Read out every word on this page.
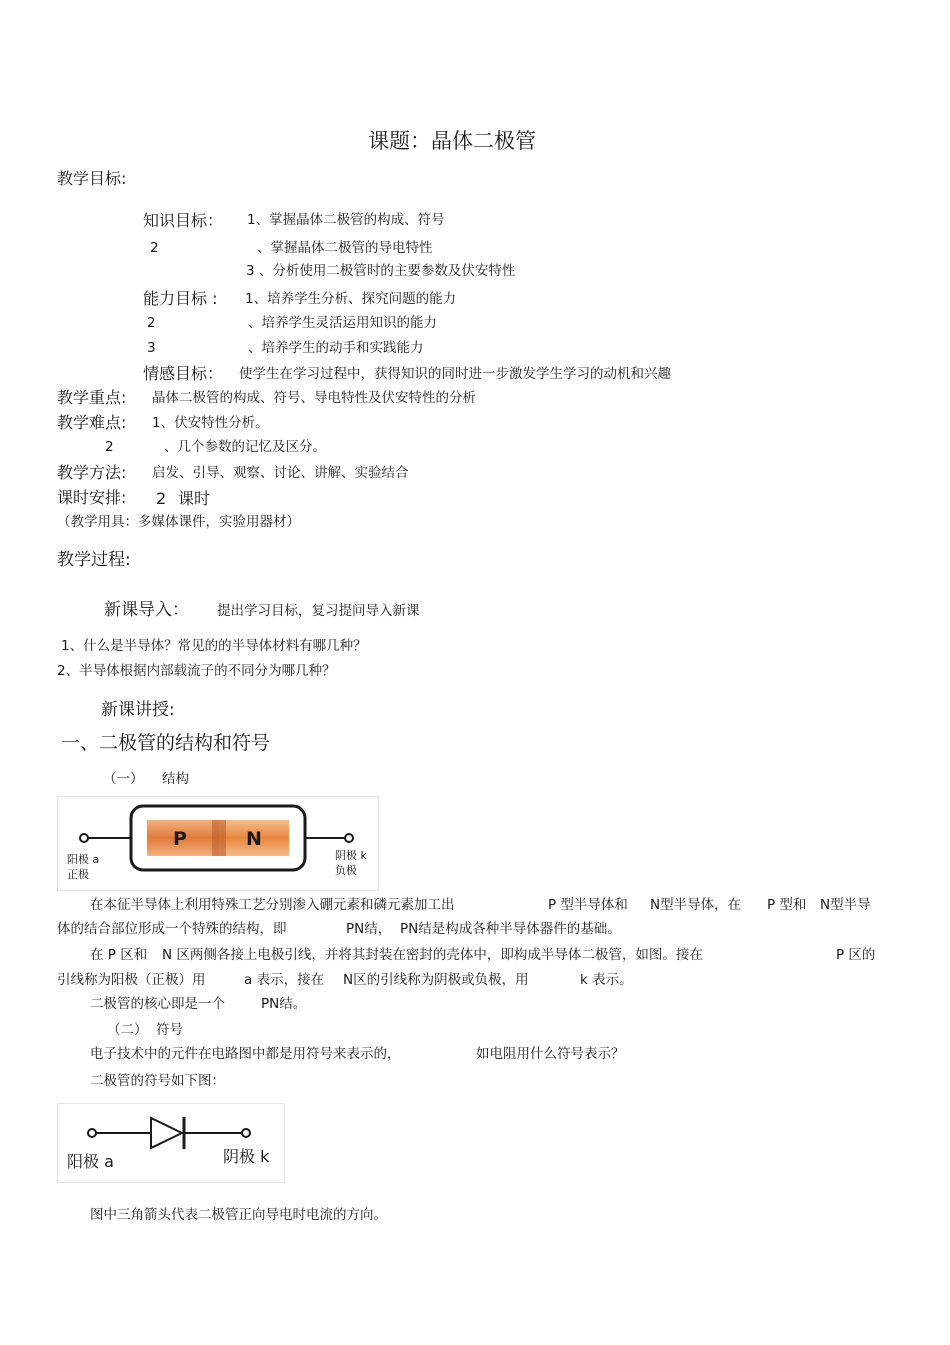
课题：晶体二极管
教学目标:
知识目标： 1、掌握晶体二极管的构成、符号
2	、掌握晶体二极管的导电特性
3 、分析使用二极管时的主要参数及伏安特性
能力目标 : 1、培养学生分析、探究问题的能力
2	、培养学生灵活运用知识的能力
3	、培养学生的动手和实践能力
情感目标： 使学生在学习过程中，获得知识的同时进一步激发学生学习的动机和兴趣
教学重点: 晶体二极管的构成、符号、导电特性及伏安特性的分析
教学难点: 1、伏安特性分析。
2	、几个参数的记忆及区分。
教学方法: 启发、引导、观察、讨论、讲解、实验结合
课时安排: 2 课时
（教学用具：多媒体课件，实验用器材）
教学过程:
新课导入： 提出学习目标，复习提问导入新课
1、什么是半导体？常见的的半导体材料有哪几种？
2、半导体根据内部载流子的不同分为哪几种？
新课讲授:
一、二极管的结构和符号
（一） 结构
P	N
阳极 a
正极
阴极 k
负极
在本征半导体上利用特殊工艺分别渗入硼元素和磷元素加工出	P 型半导体和 N型半导体，在 P 型和 N型半导
体的结合部位形成一个特殊的结构，即	PN结， PN结是构成各种半导体器件的基础。
在 P 区和 N 区两侧各接上电极引线，并将其封装在密封的壳体中，即构成半导体二极管，如图。接在	P 区的
引线称为阳极（正极）用	a 表示，接在 N区的引线称为阴极或负极，用	k 表示。
二极管的核心即是一个	PN结。
（二） 符号
电子技术中的元件在电路图中都是用符号来表示的，	如电阻用什么符号表示？
二极管的符号如下图：
阳极 a	阴极 k
图中三角箭头代表二极管正向导电时电流的方向。
